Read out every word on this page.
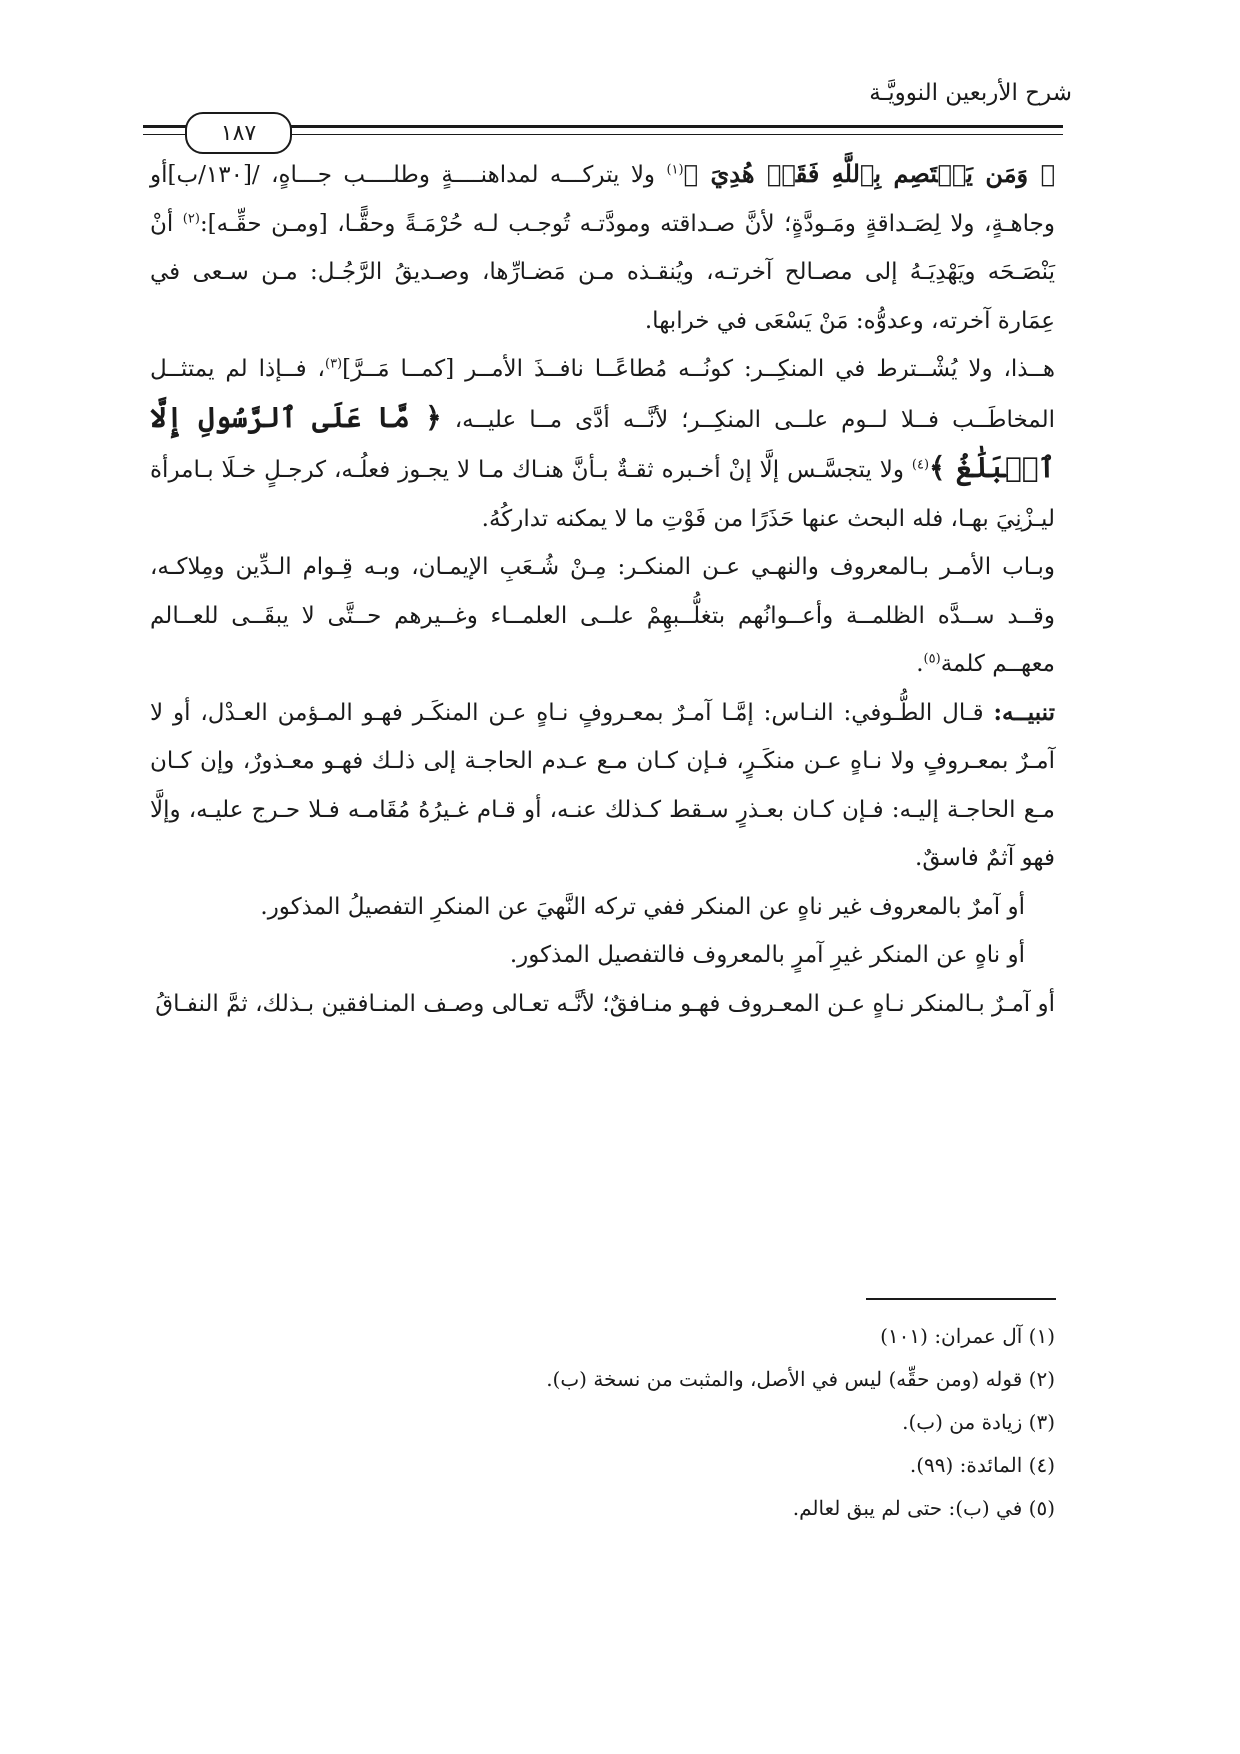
شرح الأربعين النوويَّـة
١٨٧

﴿ وَمَن يَعۡتَصِم بِٱللَّهِ فَقَدۡ هُدِيَ ﴾$^{(١)}$ ولا يتركـــه لمداهنــــةٍ وطلــــب جـــاهٍ، /[١٣٠/ب]أو وجاهـةٍ، ولا لِصَـداقةٍ ومَـودَّةٍ؛ لأنَّ صـداقته ومودَّتـه تُوجـب لـه حُرْمَـةً وحقًّـا، [ومـن حقِّـه]:$^{(٢)}$ أنْ يَنْصَـحَه ويَهْدِيَـهُ إلى مصـالح آخرتـه، ويُنقـذه مـن مَضـارِّها، وصـديقُ الرَّجُـل: مـن سـعى في عِمَارة آخرته، وعدوُّه: مَنْ يَسْعَى في خرابها.

هــذا، ولا يُشْــترط في المنكِــر: كونُــه مُطاعًــا نافــذَ الأمــر [كمــا مَــرَّ]$^{(٣)}$، فــإذا لم يمتثــل المخاطَــب فــلا لــوم علــى المنكِــر؛ لأنَّــه أدَّى مــا عليــه، ﴿ مَّا عَلَى ٱلرَّسُولِ إِلَّا ٱلۡبَلَٰغُ ﴾$^{(٤)}$ ولا يتجسَّـس إلَّا إنْ أخـبره ثقـةٌ بـأنَّ هنـاك مـا لا يجـوز فعلُـه، كرجـلٍ خـلَا بـامرأة ليـزْنِيَ بهـا، فله البحث عنها حَذَرًا من فَوْتِ ما لا يمكنه تداركُهُ.

وبـاب الأمـر بـالمعروف والنهـي عـن المنكـر: مِـنْ شُـعَبِ الإيمـان، وبـه قِـوام الـدِّين ومِلاكـه، وقــد ســدَّه الظلمــة وأعــوانُهم بتغلُّــبهِمْ علــى العلمــاء وغــيرهم حــتَّى لا يبقَــى للعــالم معهــم كلمة$^{(٥)}$.

تنبيــه: قـال الطُّـوفي: النـاس: إمَّـا آمـرٌ بمعـروفٍ نـاهٍ عـن المنكَـر فهـو المـؤمن العـدْل، أو لا آمـرٌ بمعـروفٍ ولا نـاهٍ عـن منكَـرٍ، فـإن كـان مـع عـدم الحاجـة إلى ذلـك فهـو معـذورٌ، وإن كـان مـع الحاجـة إليـه: فـإن كـان بعـذرٍ سـقط كـذلك عنـه، أو قـام غـيرُهُ مُقَامـه فـلا حـرج عليـه، وإلَّا فهو آثمٌ فاسقٌ.

أو آمرٌ بالمعروف غير ناهٍ عن المنكر ففي تركه النَّهيَ عن المنكرِ التفصيلُ المذكور.

أو ناهٍ عن المنكر غيرِ آمرٍ بالمعروف فالتفصيل المذكور.

أو آمـرٌ بـالمنكر نـاهٍ عـن المعـروف فهـو منـافقٌ؛ لأنَّـه تعـالى وصـف المنـافقين بـذلك، ثمَّ النفـاقُ

(١) آل عمران: (١٠١)
(٢) قوله (ومن حقِّه) ليس في الأصل، والمثبت من نسخة (ب).
(٣) زيادة من (ب).
(٤) المائدة: (٩٩).
(٥) في (ب): حتى لم يبق لعالم.
